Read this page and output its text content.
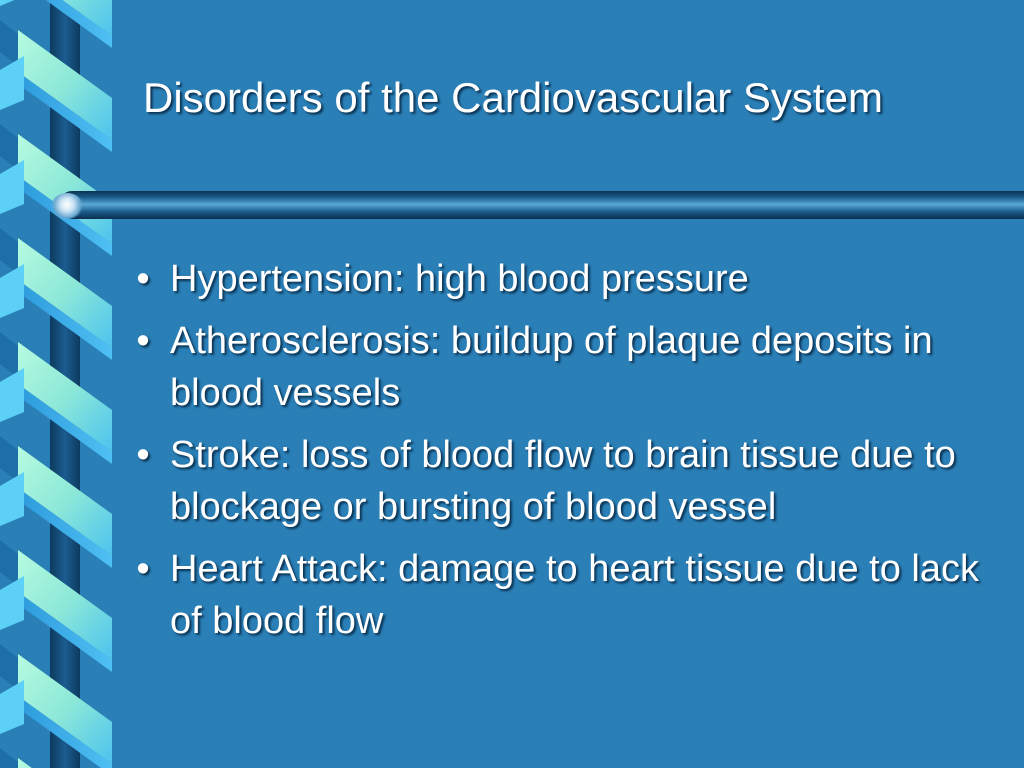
Disorders of the Cardiovascular System
• Hypertension: high blood pressure
• Atherosclerosis: buildup of plaque deposits in blood vessels
• Stroke: loss of blood flow to brain tissue due to blockage or bursting of blood vessel
• Heart Attack: damage to heart tissue due to lack of blood flow
